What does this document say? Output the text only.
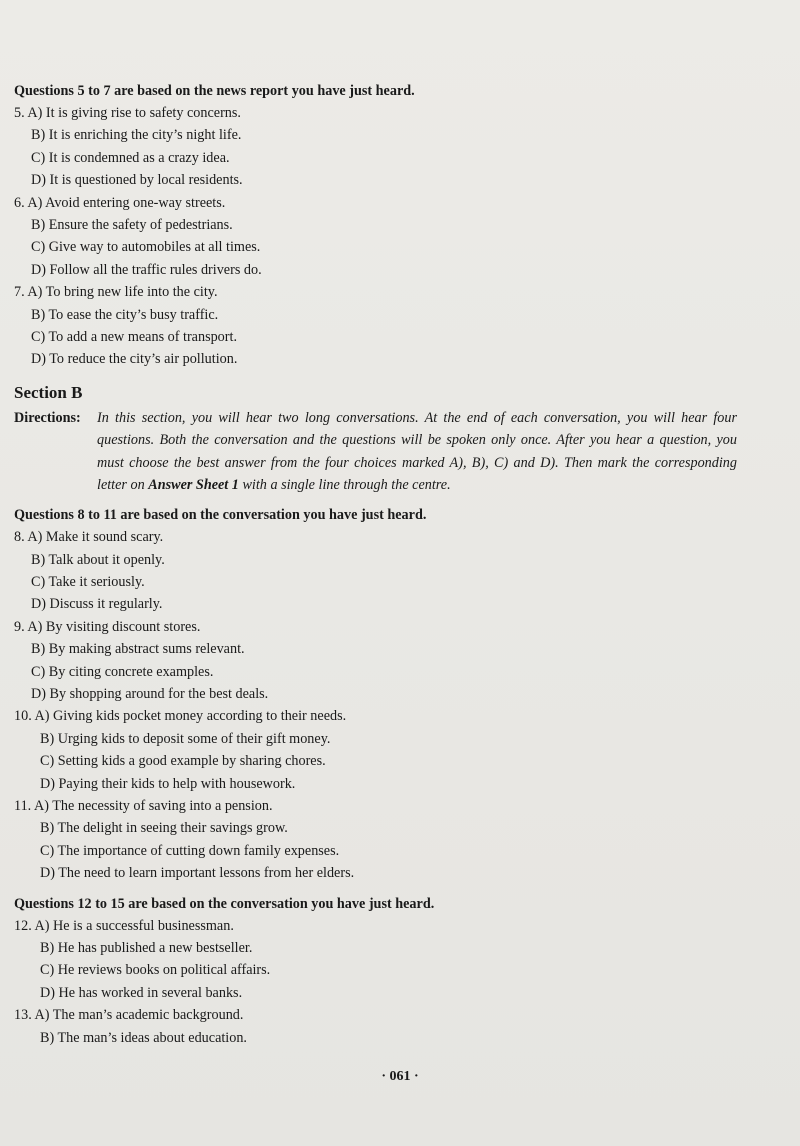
Questions 5 to 7 are based on the news report you have just heard.
5. A) It is giving rise to safety concerns.
B) It is enriching the city’s night life.
C) It is condemned as a crazy idea.
D) It is questioned by local residents.
6. A) Avoid entering one-way streets.
B) Ensure the safety of pedestrians.
C) Give way to automobiles at all times.
D) Follow all the traffic rules drivers do.
7. A) To bring new life into the city.
B) To ease the city’s busy traffic.
C) To add a new means of transport.
D) To reduce the city’s air pollution.
Section B
Directions:	In this section, you will hear two long conversations. At the end of each conversation, you will hear four questions. Both the conversation and the questions will be spoken only once. After you hear a question, you must choose the best answer from the four choices marked A), B), C) and D). Then mark the corresponding letter on Answer Sheet 1 with a single line through the centre.
Questions 8 to 11 are based on the conversation you have just heard.
8. A) Make it sound scary.
B) Talk about it openly.
C) Take it seriously.
D) Discuss it regularly.
9. A) By visiting discount stores.
B) By making abstract sums relevant.
C) By citing concrete examples.
D) By shopping around for the best deals.
10. A) Giving kids pocket money according to their needs.
B) Urging kids to deposit some of their gift money.
C) Setting kids a good example by sharing chores.
D) Paying their kids to help with housework.
11. A) The necessity of saving into a pension.
B) The delight in seeing their savings grow.
C) The importance of cutting down family expenses.
D) The need to learn important lessons from her elders.
Questions 12 to 15 are based on the conversation you have just heard.
12. A) He is a successful businessman.
B) He has published a new bestseller.
C) He reviews books on political affairs.
D) He has worked in several banks.
13. A) The man’s academic background.
B) The man’s ideas about education.
· 061 ·
